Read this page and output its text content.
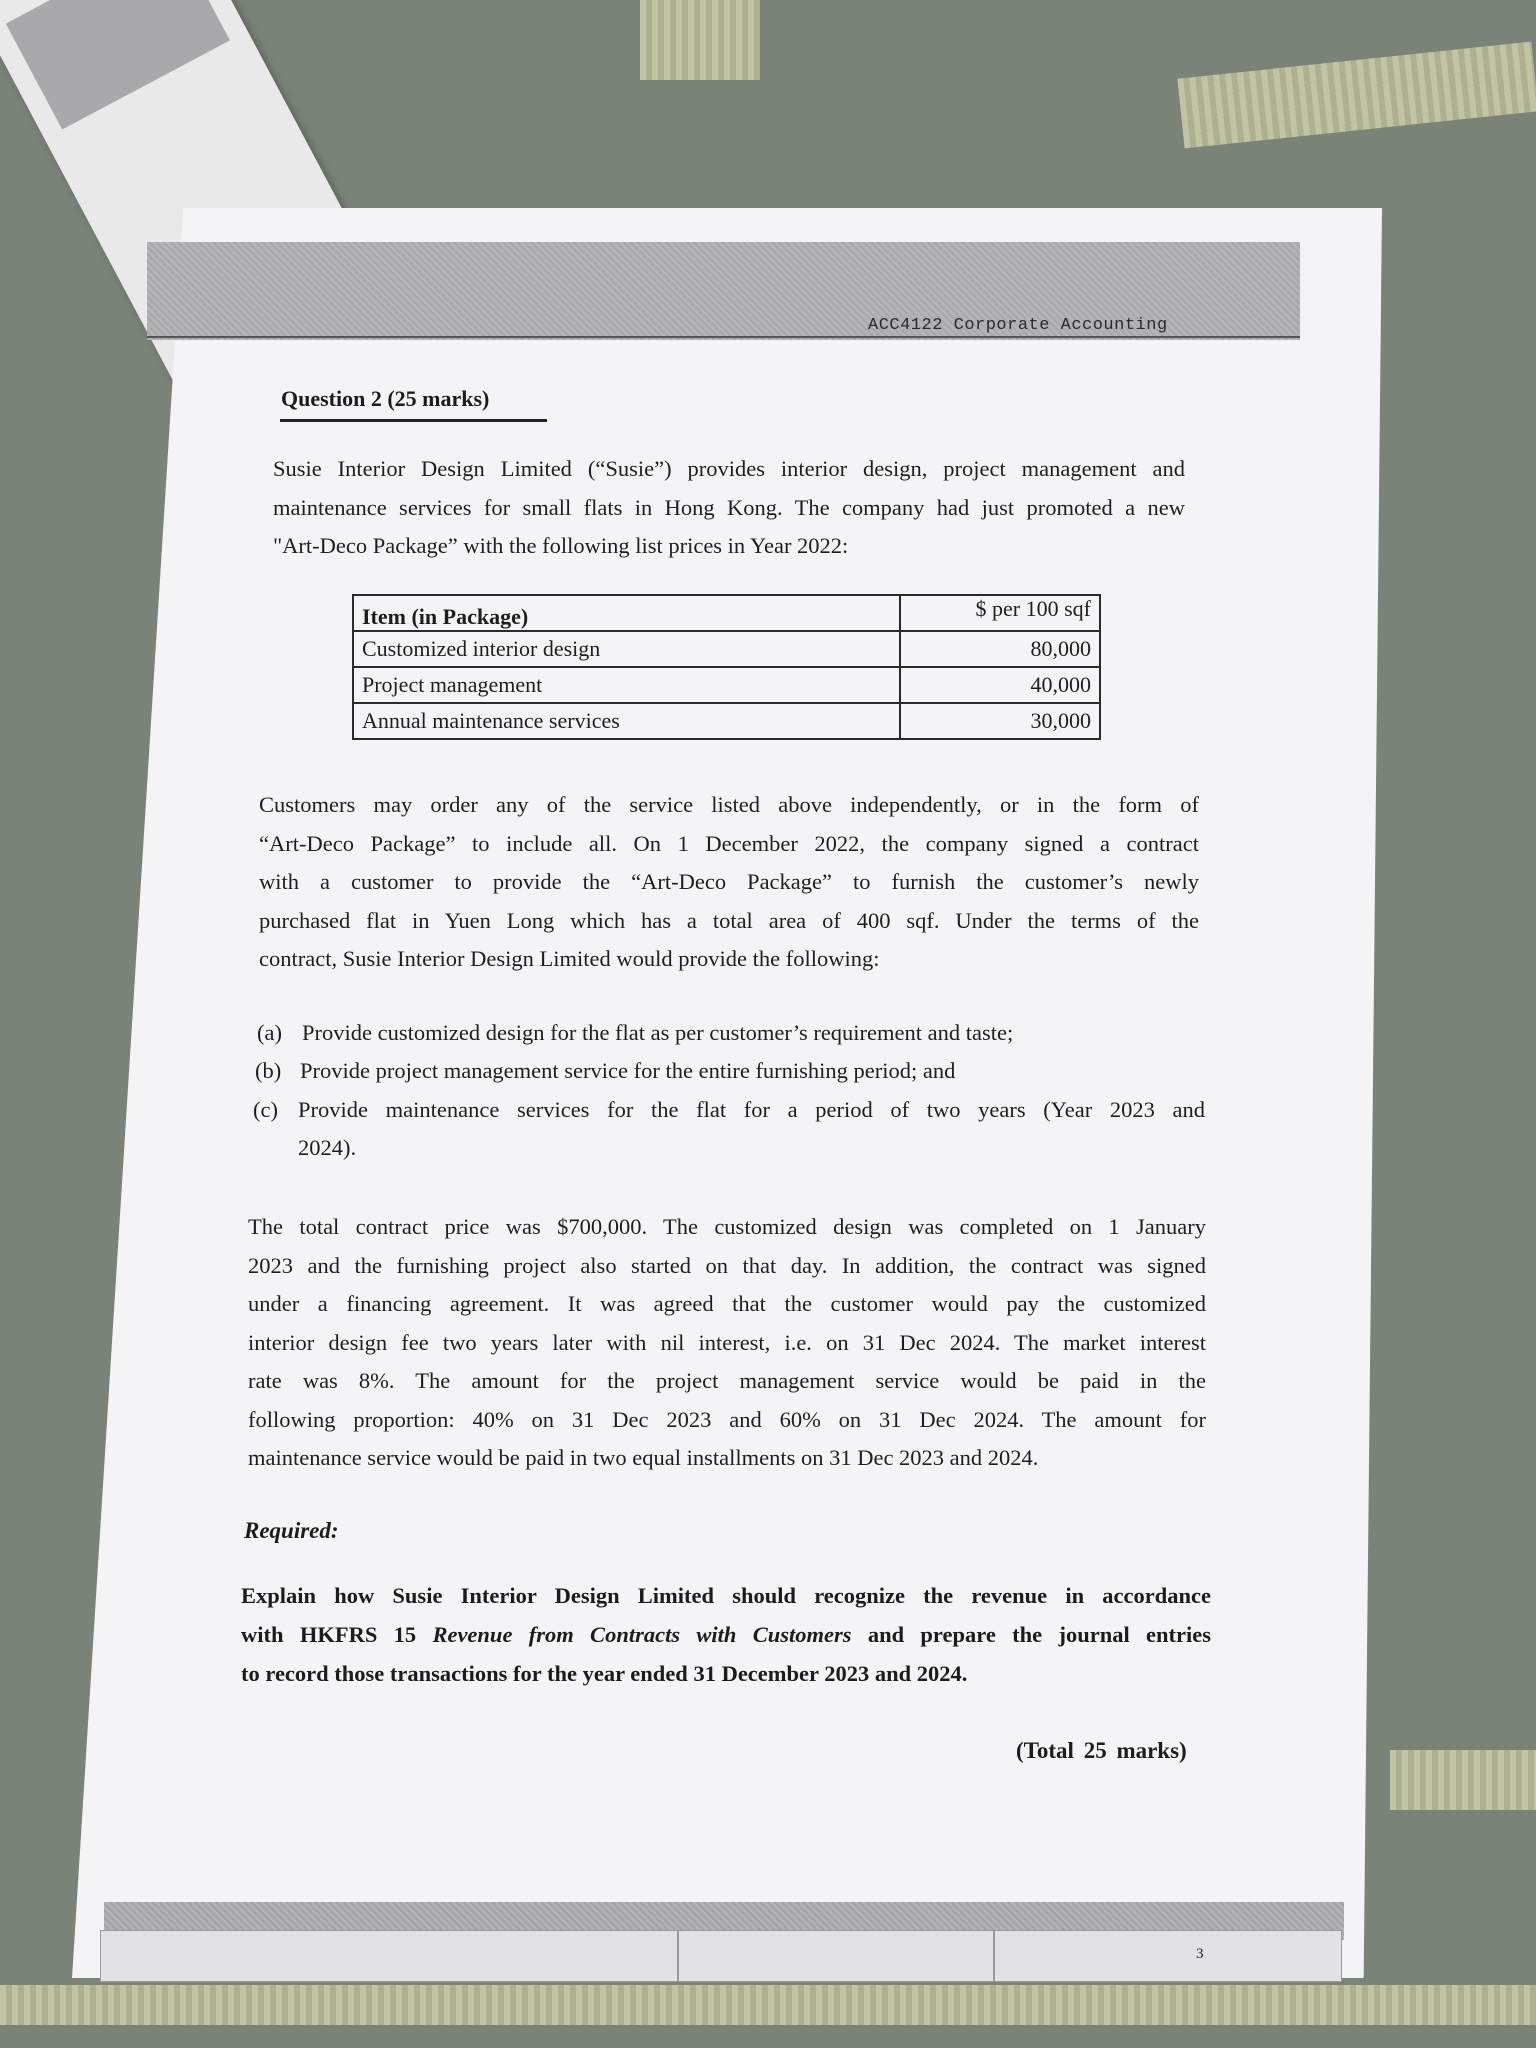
ACC4122 Corporate Accounting
Question 2 (25 marks)
Susie Interior Design Limited (“Susie”) provides interior design, project management and
maintenance services for small flats in Hong Kong. The company had just promoted a new
"Art-Deco Package” with the following list prices in Year 2022:
Item (in Package)	$ per 100 sqf
Customized interior design	80,000
Project management	40,000
Annual maintenance services	30,000
Customers may order any of the service listed above independently, or in the form of
“Art-Deco Package” to include all. On 1 December 2022, the company signed a contract
with a customer to provide the “Art-Deco Package” to furnish the customer’s newly
purchased flat in Yuen Long which has a total area of 400 sqf. Under the terms of the
contract, Susie Interior Design Limited would provide the following:
(a) Provide customized design for the flat as per customer’s requirement and taste;
(b) Provide project management service for the entire furnishing period; and
(c) Provide maintenance services for the flat for a period of two years (Year 2023 and
2024).
The total contract price was $700,000. The customized design was completed on 1 January
2023 and the furnishing project also started on that day. In addition, the contract was signed
under a financing agreement. It was agreed that the customer would pay the customized
interior design fee two years later with nil interest, i.e. on 31 Dec 2024. The market interest
rate was 8%. The amount for the project management service would be paid in the
following proportion: 40% on 31 Dec 2023 and 60% on 31 Dec 2024. The amount for
maintenance service would be paid in two equal installments on 31 Dec 2023 and 2024.
Required:
Explain how Susie Interior Design Limited should recognize the revenue in accordance
with HKFRS 15 Revenue from Contracts with Customers and prepare the journal entries
to record those transactions for the year ended 31 December 2023 and 2024.
(Total 25 marks)
3
